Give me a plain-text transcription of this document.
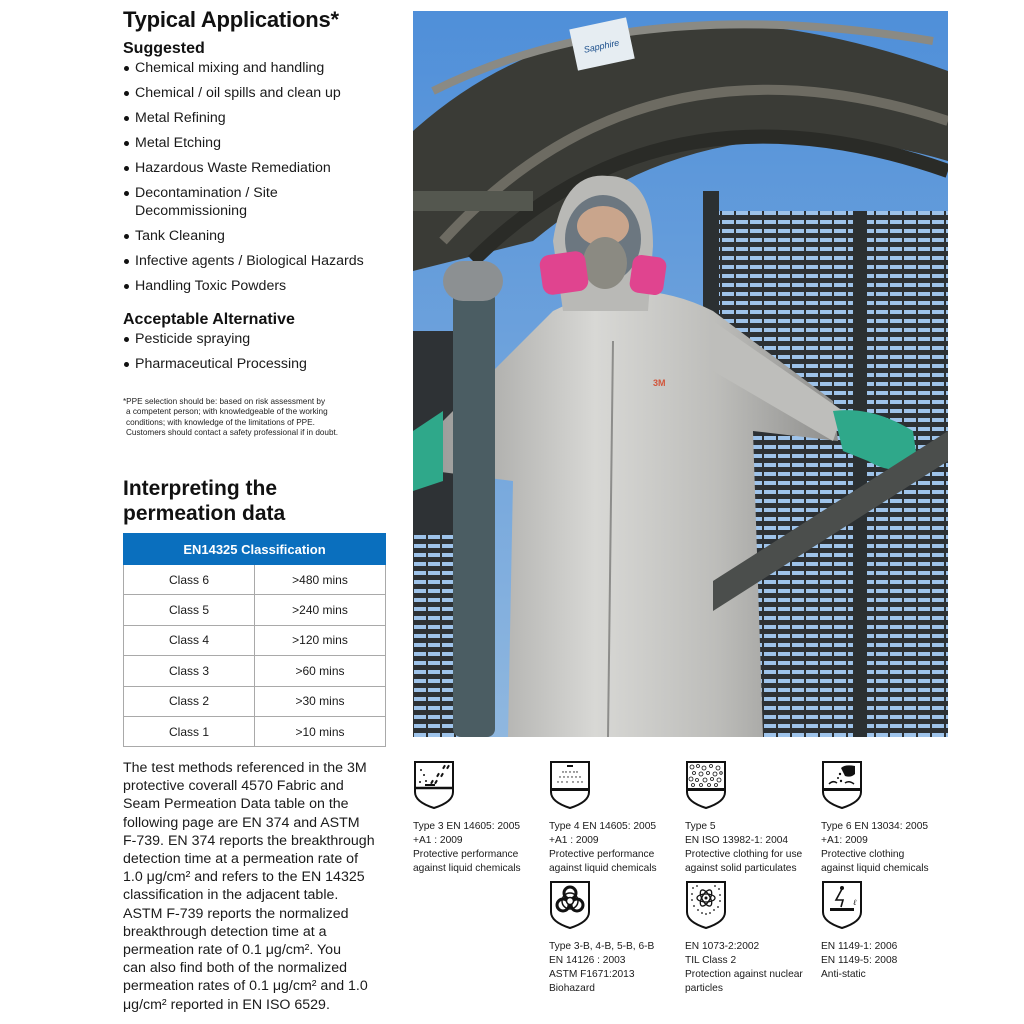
Typical Applications*
Suggested
Chemical mixing and handling
Chemical / oil spills and clean up
Metal Refining
Metal Etching
Hazardous Waste Remediation
Decontamination / Site Decommissioning
Tank Cleaning
Infective agents / Biological Hazards
Handling Toxic Powders
Acceptable Alternative
Pesticide spraying
Pharmaceutical Processing
*PPE selection should be: based on risk assessment by
a competent person; with knowledgeable of the working
conditions; with knowledge of the limitations of PPE.
Customers should contact a safety professional if in doubt.
Interpreting the
permeation data
EN14325 Classification	
Class 6	>480 mins
Class 5	>240 mins
Class 4	>120 mins
Class 3	>60 mins
Class 2	>30 mins
Class 1	>10 mins
The test methods referenced in the 3M
protective coverall 4570 Fabric and
Seam Permeation Data table on the
following page are EN 374 and ASTM
F-739. EN 374 reports the breakthrough
detection time at a permeation rate of
1.0 μg/cm² and refers to the EN 14325
classification in the adjacent table.
ASTM F-739 reports the normalized
breakthrough detection time at a
permeation rate of 0.1 μg/cm². You
can also find both of the normalized
permeation rates of 0.1 μg/cm² and 1.0
μg/cm² reported in EN ISO 6529.
Sapphire
3M
Type 3 EN 14605: 2005
+A1 : 2009
Protective performance
against liquid chemicals
Type 4 EN 14605: 2005
+A1 : 2009
Protective performance
against liquid chemicals
Type 5
EN ISO 13982-1: 2004
Protective clothing for use
against solid particulates
Type 6 EN 13034: 2005
+A1: 2009
Protective clothing
against liquid chemicals
Type 3-B, 4-B, 5-B, 6-B
EN 14126 : 2003
ASTM F1671:2013
Biohazard
EN 1073-2:2002
TIL Class 2
Protection against nuclear
particles
ℓ
EN 1149-1: 2006
EN 1149-5: 2008
Anti-static
